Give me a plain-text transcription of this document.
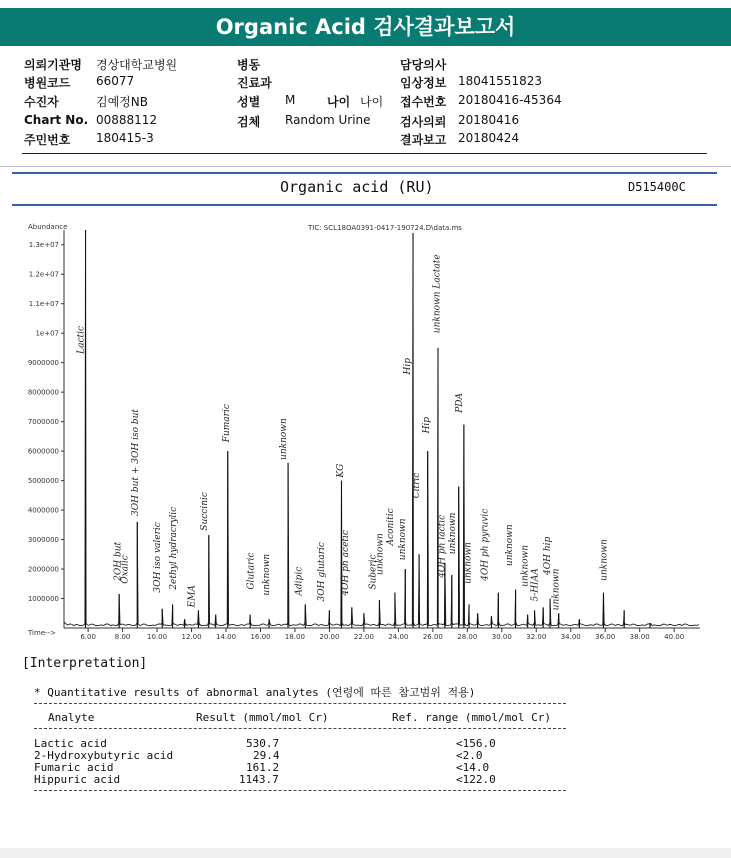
Organic Acid 검사결과보고서
의뢰기관명 경상대학교병원
병원코드 66077
수진자	김예정NB
Chart No. 00888112
주민번호 180415-3
병동
진료과
성별 M
검체 Random Urine
나이 나이
담당의사
임상정보 18041551823
접수번호 20180416-45364
검사의뢰 20180416
결과보고 20180424
Organic acid (RU)	D515400C
Abundance
Time-->
TIC: SCL18OA0391-0417-190724.D\data.ms
1000000
2000000
3000000
4000000
5000000
6000000
7000000
8000000
9000000
1e+07
1.1e+07
1.2e+07
1.3e+07
6.00	8.00 10.00 12.00 14.00 16.00 18.00 20.00 22.00 24.00 26.00 28.00 30.00 32.00 34.00 36.00 38.00 40.00
Lactic
2OH but
Oxalic
3OH but + 3OH iso but
3OH iso valeric 2ethyl hydracrylic
EMA
Succinic
Fumaric
Glutaric unknown
unknown
Adipic 3OH glutaric
KG
4OH ph acetic Suberic
unknown
Aconitic unknown
Hip
Citric
Hip
unknown Lactate
4OH ph lactic unknown
PDA
unknown 4OH ph pyruvic unknown unknown 5-HIAA
4OH hip
unknown
unknown
[Interpretation]
* Quantitative results of abnormal analytes (연령에 따른 참고범위 적용)
Analyte	Result (mmol/mol Cr)	Ref. range (mmol/mol Cr)
Lactic acid	530.7	<156.0
2-Hydroxybutyric acid	29.4	<2.0
Fumaric acid	161.2	<14.0
Hippuric acid	1143.7	<122.0
